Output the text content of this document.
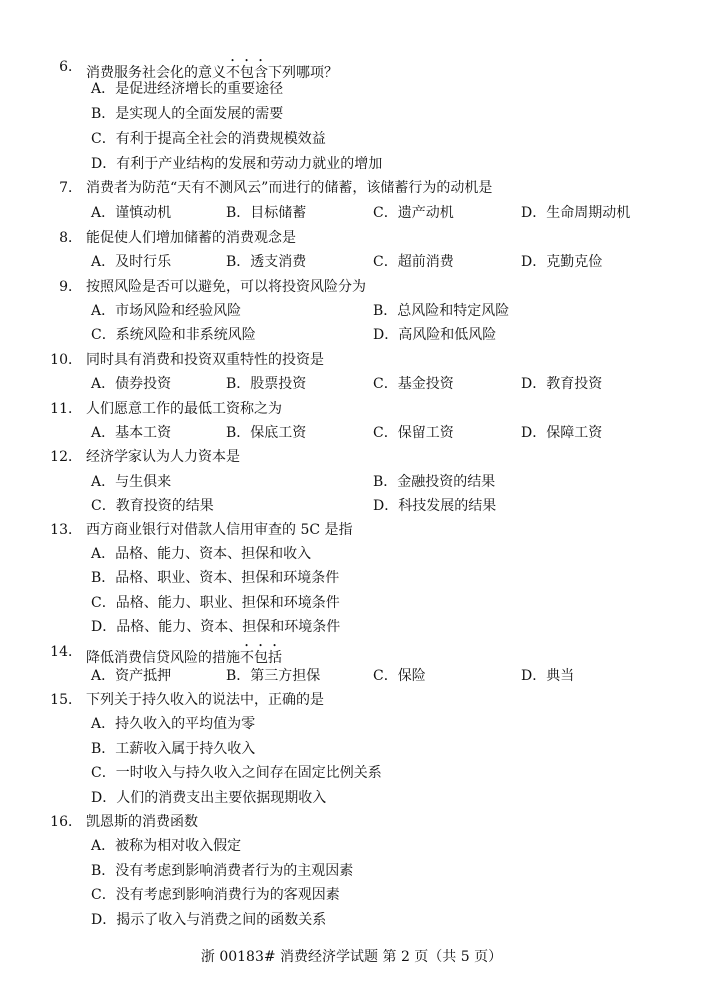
6． 消费服务社会化的意义不包含下列哪项？
A．是促进经济增长的重要途径
B．是实现人的全面发展的需要
C．有利于提高全社会的消费规模效益
D．有利于产业结构的发展和劳动力就业的增加
7． 消费者为防范“天有不测风云”而进行的储蓄，该储蓄行为的动机是
A．谨慎动机	B．目标储蓄	C．遗产动机	D．生命周期动机
8． 能促使人们增加储蓄的消费观念是
A．及时行乐	B．透支消费	C．超前消费	D．克勤克俭
9． 按照风险是否可以避免，可以将投资风险分为
A．市场风险和经验风险	B．总风险和特定风险
C．系统风险和非系统风险	D．高风险和低风险
10． 同时具有消费和投资双重特性的投资是
A．债券投资	B．股票投资	C．基金投资	D．教育投资
11． 人们愿意工作的最低工资称之为
A．基本工资	B．保底工资	C．保留工资	D．保障工资
12． 经济学家认为人力资本是
A．与生俱来	B．金融投资的结果
C．教育投资的结果	D．科技发展的结果
13． 西方商业银行对借款人信用审查的 5C 是指
A．品格、能力、资本、担保和收入
B．品格、职业、资本、担保和环境条件
C．品格、能力、职业、担保和环境条件
D．品格、能力、资本、担保和环境条件
14． 降低消费信贷风险的措施不包括
A．资产抵押	B．第三方担保	C．保险	D．典当
15． 下列关于持久收入的说法中，正确的是
A．持久收入的平均值为零
B．工薪收入属于持久收入
C．一时收入与持久收入之间存在固定比例关系
D．人们的消费支出主要依据现期收入
16． 凯恩斯的消费函数
A．被称为相对收入假定
B．没有考虑到影响消费者行为的主观因素
C．没有考虑到影响消费行为的客观因素
D．揭示了收入与消费之间的函数关系
浙 00183# 消费经济学试题 第 2 页（共 5 页）
